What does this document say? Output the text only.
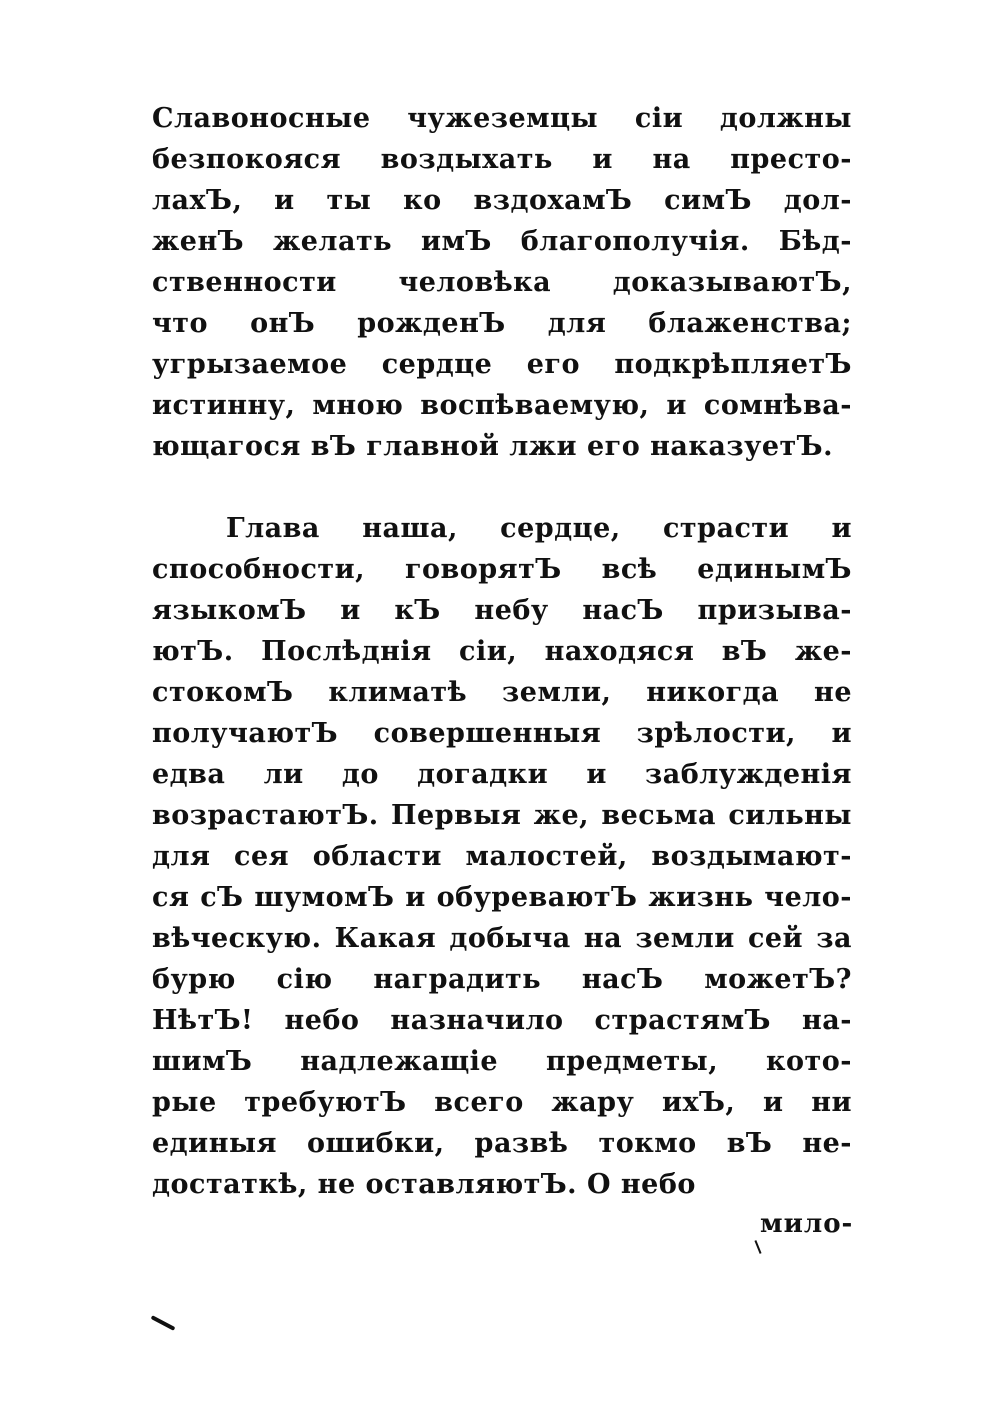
Славоносные чужеземцы сіи должны
безпокояся воздыхать и на престо-
лахЪ, и ты ко вздохамЪ симЪ дол-
женЪ желать имЪ благополучія. Бѣд-
ственности человѣка доказываютЪ,
что онЪ рожденЪ для блаженства;
угрызаемое сердце его подкрѣпляетЪ
истинну, мною воспѣваемую, и сомнѣва-
ющагося вЪ главной лжи его наказуетЪ.
Глава наша, сердце, страсти и
способности, говорятЪ всѣ единымЪ
языкомЪ и кЪ небу насЪ призыва-
ютЪ. Послѣднія сіи, находяся вЪ же-
стокомЪ климатѣ земли, никогда не
получаютЪ совершенныя зрѣлости, и
едва ли до догадки и заблужденія
возрастаютЪ. Первыя же, весьма сильны
для сея области малостей, воздымают-
ся сЪ шумомЪ и обуреваютЪ жизнь чело-
вѣческую. Какая добыча на земли сей за
бурю сію наградить насЪ можетЪ?
НѣтЪ! небо назначило страстямЪ на-
шимЪ надлежащіе предметы, кото-
рые требуютЪ всего жару ихЪ, и ни
единыя ошибки, развѣ токмо вЪ не-
достаткѣ, не оставляютЪ. О небо
мило-
